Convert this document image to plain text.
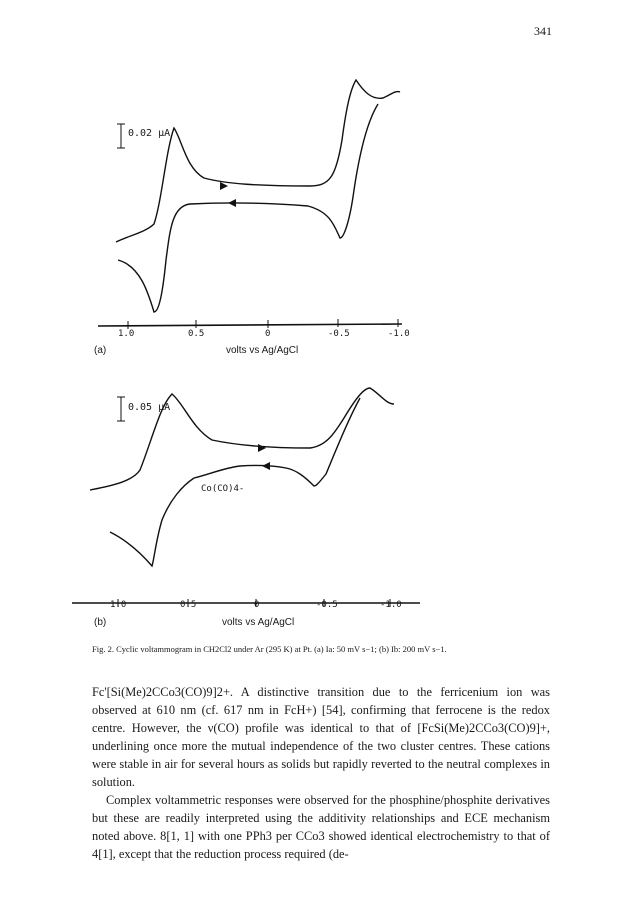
341
0.02 μA
1.0	0.5	0	-0.5	-1.0
(a)	volts vs Ag/AgCl
0.05 μA
Co(CO)4-
1.0	0.5	0	-0.5	-1.0
(b)	volts vs Ag/AgCl
Fig. 2. Cyclic voltammogram in CH2Cl2 under Ar (295 K) at Pt. (a) Ia: 50 mV s−1; (b) Ib: 200 mV s−1.

Fc'[Si(Me)2CCo3(CO)9]2+. A distinctive transition due to the ferricenium ion was observed at 610 nm (cf. 617 nm in FcH+) [54], confirming that ferrocene is the redox centre. However, the ν(CO) profile was identical to that of [FcSi(Me)2CCo3(CO)9]+, underlining once more the mutual independence of the two cluster centres. These cations were stable in air for several hours as solids but rapidly reverted to the neutral complexes in solution.

Complex voltammetric responses were observed for the phosphine/phosphite derivatives but these are readily interpreted using the additivity relationships and ECE mechanism noted above. 8[1, 1] with one PPh3 per CCo3 showed identical electrochemistry to that of 4[1], except that the reduction process required (de-
